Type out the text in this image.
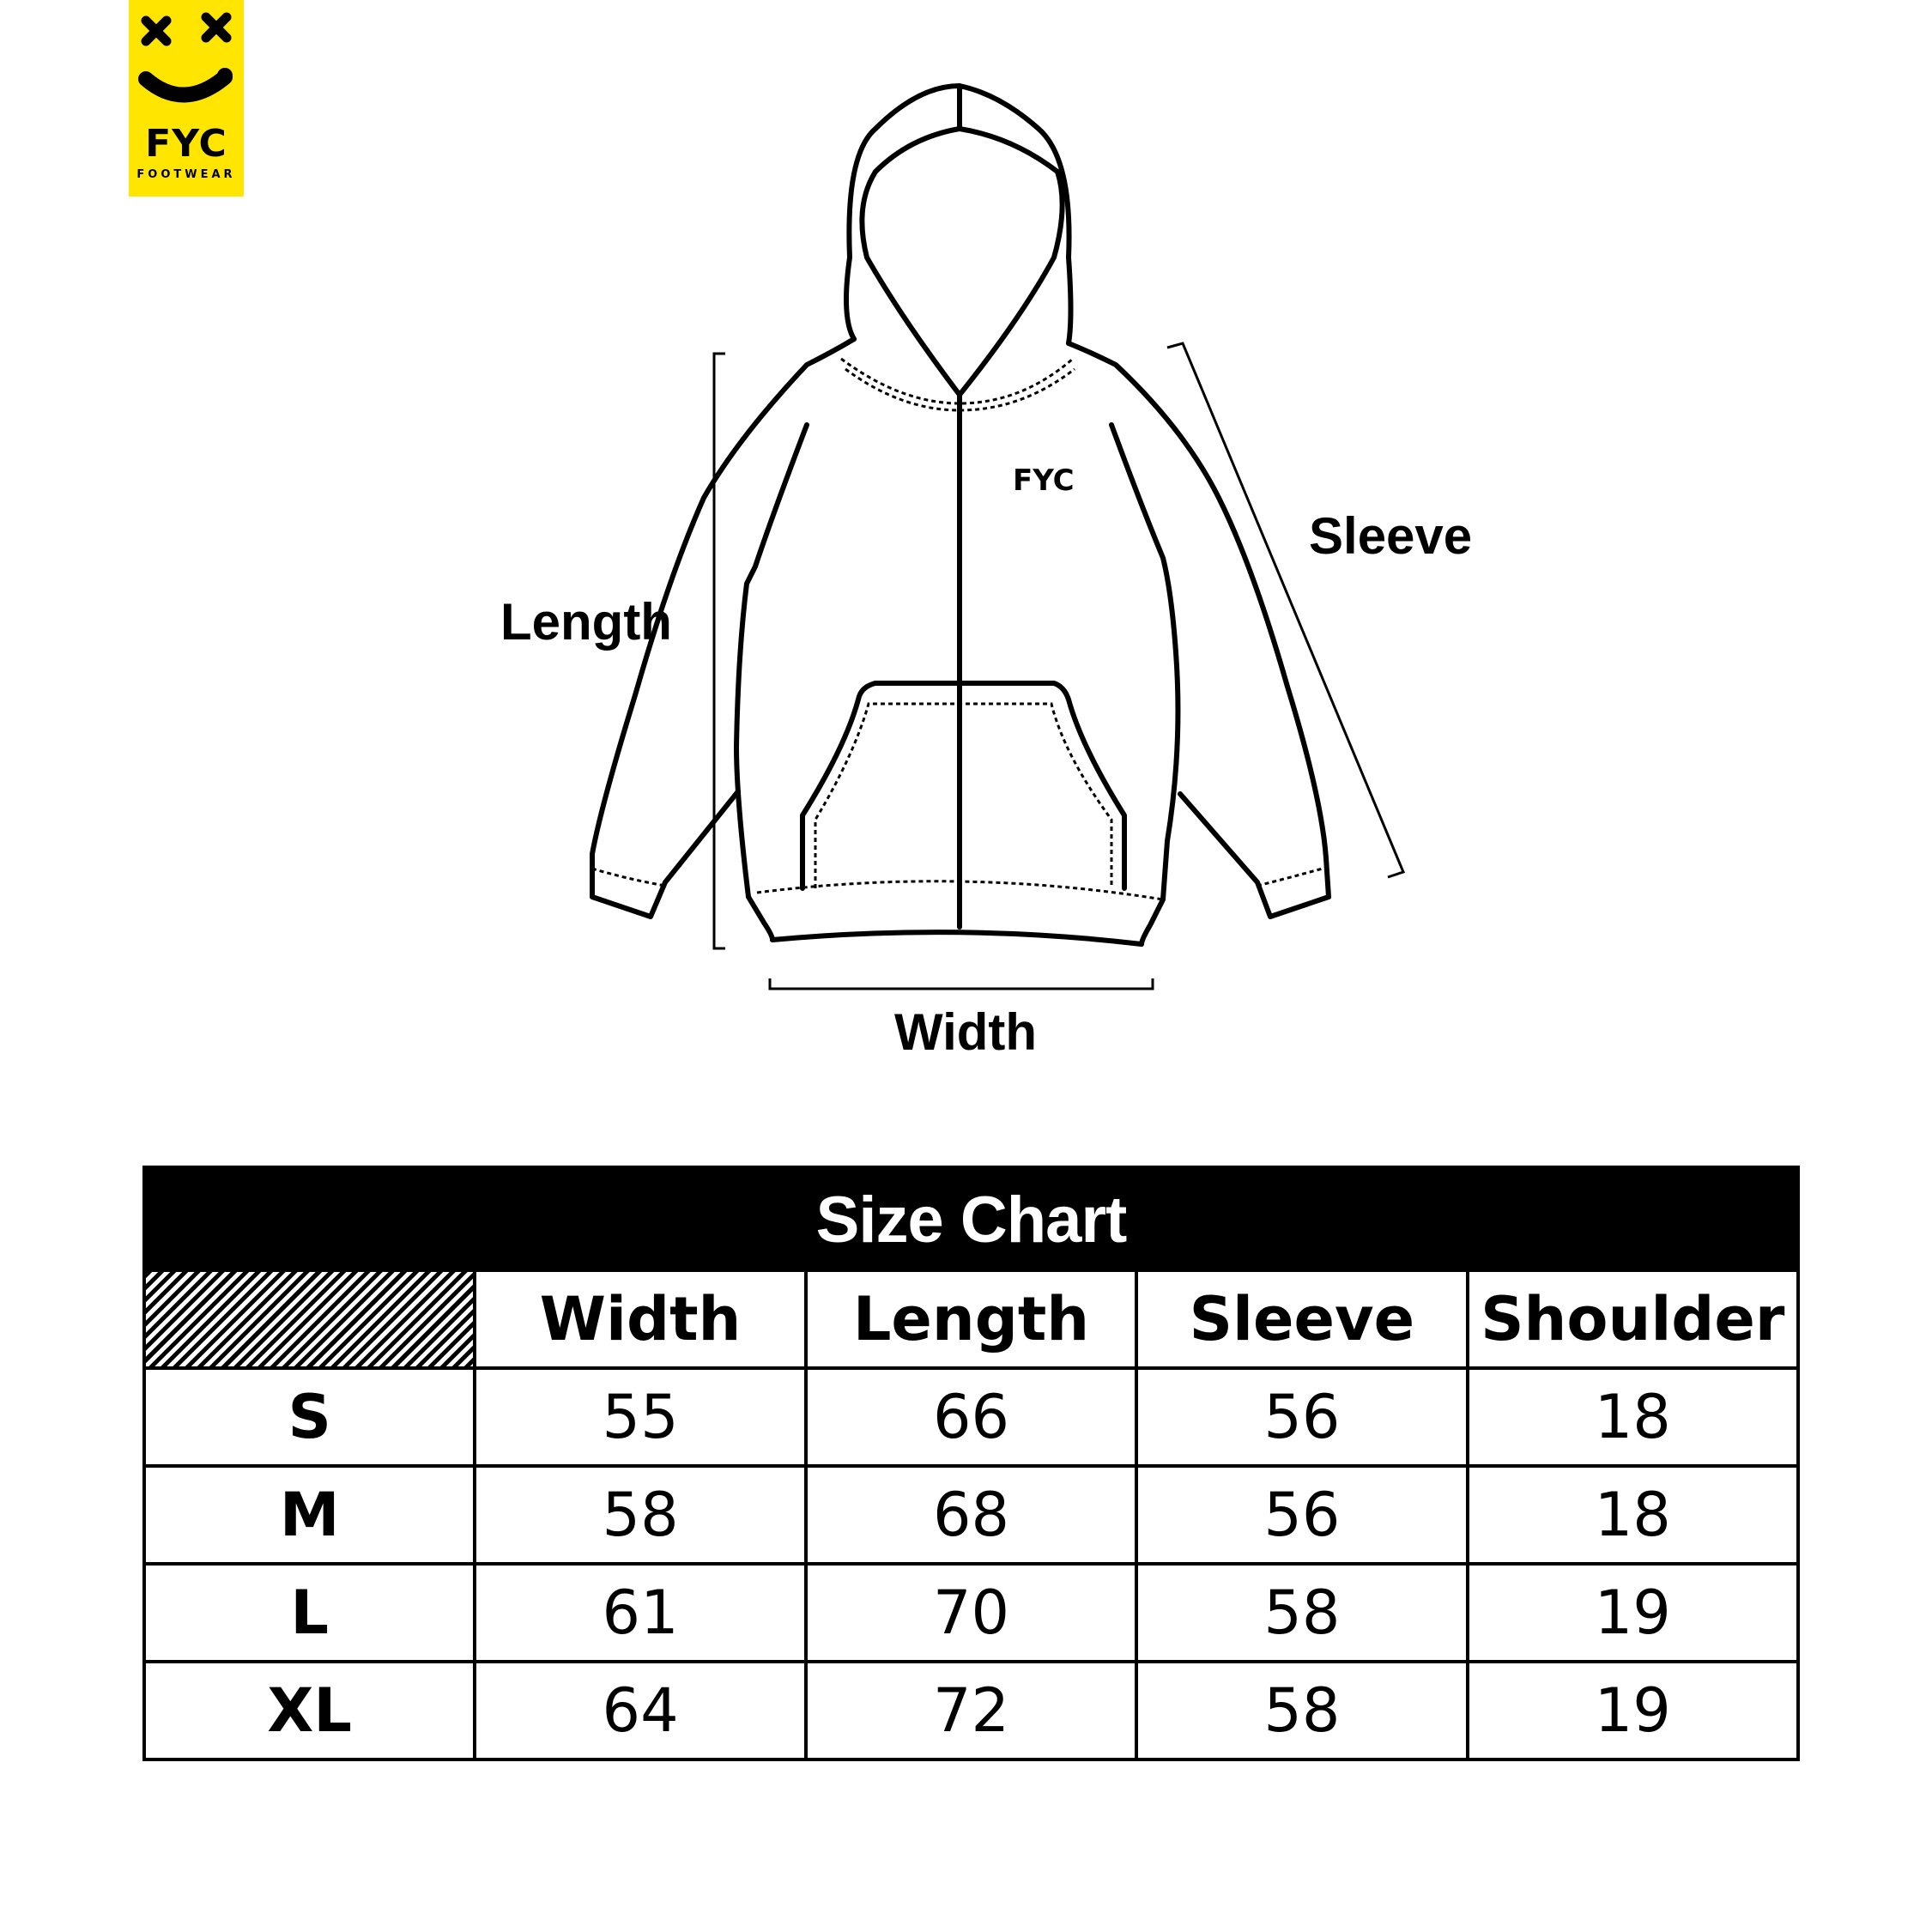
FYC
FOOTWEAR
FYC
Length
Sleeve
Width
Size Chart
	Width	Length	Sleeve	Shoulder
S	55	66	56	18
M	58	68	56	18
L	61	70	58	19
XL	64	72	58	19
